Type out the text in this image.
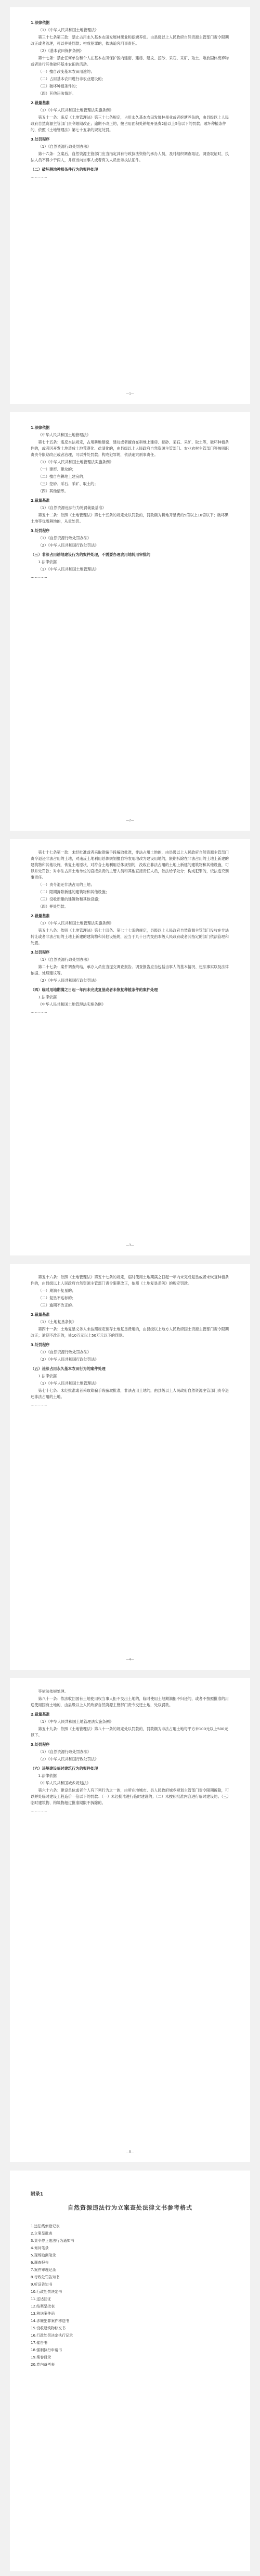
1.法律依据
（1）《中华人民共和国土地管理法》
第三十七条第三款：禁止占用永久基本农田发展林果业和挖塘养鱼。由县级以上人民政府自然资源主管部门责令限期改正或者治理，可以并处罚款；构成犯罪的，依法追究刑事责任。
（2）《基本农田保护条例》
第十七条：禁止任何单位和个人在基本农田保护区内建窑、建房、建坟、挖砂、采石、采矿、取土、堆放固体废弃物或者进行其他破坏基本农田的活动。
（一）擅自改变基本农田用途的；
（二）占用基本农田进行非农业建设的；
（三）破坏种植条件的；
（四）其他违法情形。
2.裁量基准
（1）《中华人民共和国土地管理法实施条例》
第五十一条：违反《土地管理法》第三十七条规定，占用永久基本农田发展林果业或者挖塘养鱼的，由县级以上人民政府自然资源主管部门责令限期改正；逾期不改正的，按占用面积处耕地开垦费2倍以上5倍以下的罚款；破坏种植条件的，依照《土地管理法》第七十五条的规定处罚。
3.处罚程序
（1）《自然资源行政处罚办法》
第十六条：立案后，自然资源主管部门应当指定具有行政执法资格的承办人员，及时组织调查取证。调查取证时，执法人员不得少于两人，并应当向当事人或者有关人员出示执法证件。
（二）破坏耕地种植条件行为的案件处理
…………
—1—
1.法律依据
《中华人民共和国土地管理法》
第七十五条：违反本法规定，占用耕地建窑、建坟或者擅自在耕地上建房、挖砂、采石、采矿、取土等，破坏种植条件的，或者因开发土地造成土地荒漠化、盐渍化的，由县级以上人民政府自然资源主管部门、农业农村主管部门等按照职责责令限期改正或者治理，可以并处罚款；构成犯罪的，依法追究刑事责任。
（1）《中华人民共和国土地管理法实施条例》
（一）建窑、建坟的；
（二）擅自在耕地上建房的；
（三）挖砂、采石、采矿、取土的；
（四）其他情形。
2.裁量基准
（1）《自然资源违法行为处罚裁量基准》
第五十二条：依照《土地管理法》第七十五条的规定处以罚款的，罚款额为耕地开垦费的5倍以上10倍以下；破坏黑土地等优质耕地的，从重处罚。
3.处罚程序
（1）《自然资源行政处罚办法》
（2）《中华人民共和国行政处罚法》
（三）非法占用耕地建设行为的案件处理，不需要办理农用地转用审批的
1.法律依据
（1）《中华人民共和国土地管理法》
…………
—2—
第七十七条第一款：未经批准或者采取欺骗手段骗取批准，非法占用土地的，由县级以上人民政府自然资源主管部门责令退还非法占用的土地，对违反土地利用总体规划擅自将农用地改为建设用地的，限期拆除在非法占用的土地上新建的建筑物和其他设施，恢复土地原状，对符合土地利用总体规划的，没收在非法占用的土地上新建的建筑物和其他设施，可以并处罚款；对非法占用土地单位的直接负责的主管人员和其他直接责任人员，依法给予处分；构成犯罪的，依法追究刑事责任。
（一）责令退还非法占用的土地；
（二）限期拆除新建的建筑物和其他设施；
（三）没收新建的建筑物和其他设施；
（四）并处罚款。
2.裁量基准
（1）《中华人民共和国土地管理法实施条例》
第五十八条：依照《土地管理法》第七十四条、第七十七条的规定，县级以上人民政府自然资源主管部门没收在非法转让或者非法占用的土地上新建的建筑物和其他设施的，应当于九十日内交由本级人民政府或者其指定的部门依法管理和处置。
3.处罚程序
（1）《自然资源行政处罚办法》
第二十七条：案件调查终结，承办人员应当提交调查报告。调查报告应当包括当事人的基本情况、违法事实以及法律依据、处理建议等。
（2）《中华人民共和国行政处罚法》
（四）临时用地期满之日起一年内未完成复垦或者未恢复种植条件的案件处理
1.法律依据
《中华人民共和国土地管理法实施条例》
…………
—3—
第五十六条：依照《土地管理法》第五十七条的规定，临时使用土地期满之日起一年内未完成复垦或者未恢复种植条件的，由县级以上人民政府自然资源主管部门责令限期改正，依照《土地复垦条例》的规定罚款。
（一）期满不复垦的；
（二）复垦不达标的；
（三）逾期不改正的。
2.裁量基准
（1）《土地复垦条例》
第四十一条：土地复垦义务人未按照规定预存土地复垦费用的，由县级以上地方人民政府国土资源主管部门责令限期改正；逾期不改正的，处10万元以上50万元以下的罚款。
3.处罚程序
（1）《自然资源行政处罚办法》
（2）《中华人民共和国行政处罚法》
（五）违法占用永久基本农田行为的案件处理
1.法律依据
（1）《中华人民共和国土地管理法》
第七十七条：未经批准或者采取欺骗手段骗取批准，非法占用土地的，由县级以上人民政府自然资源主管部门责令退还非法占用的土地。
…………
—4—
等依法依规处理。
第八十一条：依法收回国有土地使用权当事人拒不交出土地的，临时使用土地期满拒不归还的，或者不按照批准的用途使用国有土地的，由县级以上人民政府自然资源主管部门责令交还土地，处以罚款。
2.裁量基准
（1）《中华人民共和国土地管理法实施条例》
第五十九条：依照《土地管理法》第八十一条的规定处以罚款的，罚款额为非法占用土地每平方米100元以上500元以下。
3.处罚程序
（1）《自然资源行政处罚办法》
（2）《中华人民共和国行政处罚法》
（六）违规建设临时建筑行为的案件处理
1.法律依据
《中华人民共和国城乡规划法》
第六十六条：建设单位或者个人有下列行为之一的，由所在地城市、县人民政府城乡规划主管部门责令限期拆除，可以并处临时建设工程造价一倍以下的罚款：（一）未经批准进行临时建设的；（二）未按照批准内容进行临时建设的；（三）临时建筑物、构筑物超过批准期限不拆除的。
…………
—5—
附录1
自然资源违法行为立案查处法律文书参考格式
1.违法线索登记表
2.立案呈批表
3.责令停止违法行为通知书
4.询问笔录
5.现场勘测笔录
6.调查报告
7.案件审理记录
8.行政处罚告知书
9.听证告知书
10.行政处罚决定书
11.送达回证
12.结案呈批表
13.移送案件函
14.涉嫌犯罪案件移送书
15.没收建筑物移交书
16.行政处罚决定执行记录
17.催告书
18.强制执行申请书
19.案卷目录
20.卷内备考表
